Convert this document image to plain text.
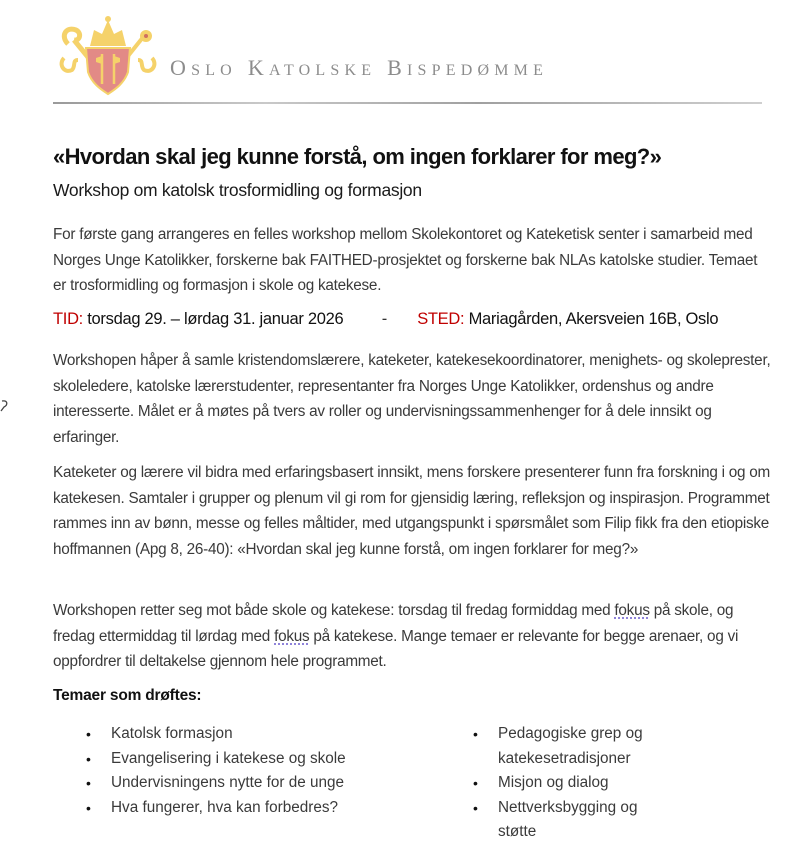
oslo katolske bispedømme
«Hvordan skal jeg kunne forstå, om ingen forklarer for meg?»
Workshop om katolsk trosformidling og formasjon
For første gang arrangeres en felles workshop mellom Skolekontoret og Kateketisk senter i samarbeid med Norges Unge Katolikker, forskerne bak FAITHED-prosjektet og forskerne bak NLAs katolske studier. Temaet er trosformidling og formasjon i skole og katekese.
TID: torsdag 29. – lørdag 31. januar 2026 - STED: Mariagården, Akersveien 16B, Oslo
Workshopen håper å samle kristendomslærere, kateketer, katekesekoordinatorer, menighets- og skoleprester, skoleledere, katolske lærerstudenter, representanter fra Norges Unge Katolikker, ordenshus og andre interesserte. Målet er å møtes på tvers av roller og undervisningssammenhenger for å dele innsikt og erfaringer.
Kateketer og lærere vil bidra med erfaringsbasert innsikt, mens forskere presenterer funn fra forskning i og om katekesen. Samtaler i grupper og plenum vil gi rom for gjensidig læring, refleksjon og inspirasjon. Programmet rammes inn av bønn, messe og felles måltider, med utgangspunkt i spørsmålet som Filip fikk fra den etiopiske hoffmannen (Apg 8, 26-40): «Hvordan skal jeg kunne forstå, om ingen forklarer for meg?»
Workshopen retter seg mot både skole og katekese: torsdag til fredag formiddag med fokus på skole, og fredag ettermiddag til lørdag med fokus på katekese. Mange temaer er relevante for begge arenaer, og vi oppfordrer til deltakelse gjennom hele programmet.
Temaer som drøftes:
• Katolsk formasjon
• Evangelisering i katekese og skole
• Undervisningens nytte for de unge
• Hva fungerer, hva kan forbedres?
• Pedagogiske grep og katekesetradisjoner
• Misjon og dialog
• Nettverksbygging og støtte
